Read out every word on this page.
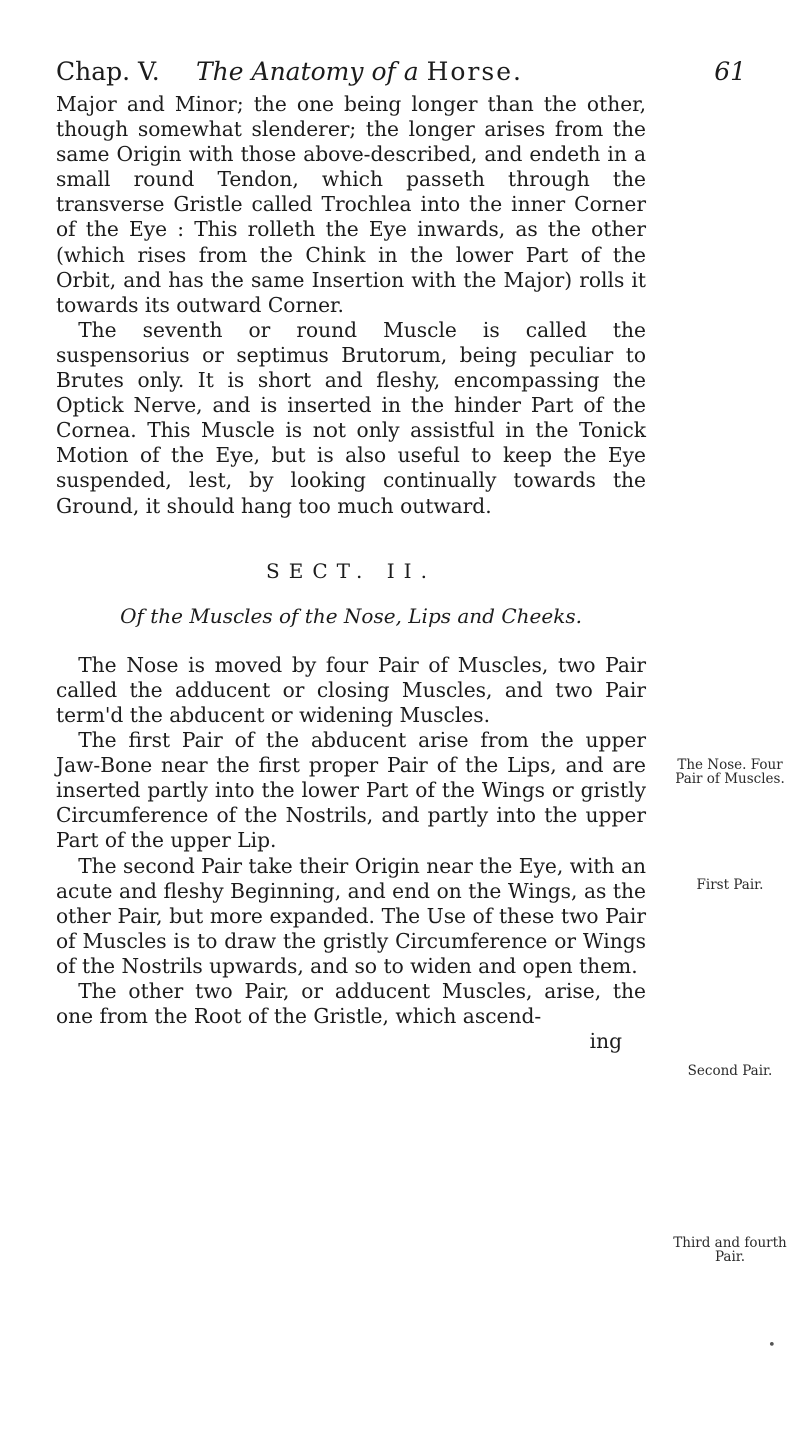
Chap. V. The Anatomy of a Horse.	61

Major and Minor; the one being longer than the other, though somewhat slenderer; the longer arises from the same Origin with those above-described, and endeth in a small round Tendon, which passeth through the transverse Gristle called Trochlea into the inner Corner of the Eye : This rolleth the Eye inwards, as the other (which rises from the Chink in the lower Part of the Orbit, and has the same Insertion with the Major) rolls it towards its outward Corner.

The seventh or round Muscle is called the suspensorius or septimus Brutorum, being peculiar to Brutes only. It is short and fleshy, encompassing the Optick Nerve, and is inserted in the hinder Part of the Cornea. This Muscle is not only assistful in the Tonick Motion of the Eye, but is also useful to keep the Eye suspended, lest, by looking continually towards the Ground, it should hang too much outward.

SECT. II.

Of the Muscles of the Nose, Lips and Cheeks.

The Nose is moved by four Pair of Muscles, two Pair called the adducent or closing Muscles, and two Pair term'd the abducent or widening Muscles.

The first Pair of the abducent arise from the upper Jaw-Bone near the first proper Pair of the Lips, and are inserted partly into the lower Part of the Wings or gristly Circumference of the Nostrils, and partly into the upper Part of the upper Lip.

The second Pair take their Origin near the Eye, with an acute and fleshy Beginning, and end on the Wings, as the other Pair, but more expanded. The Use of these two Pair of Muscles is to draw the gristly Circumference or Wings of the Nostrils upwards, and so to widen and open them.

The other two Pair, or adducent Muscles, arise, the one from the Root of the Gristle, which ascend-

ing

The Nose. Four Pair of Muscles.
First Pair.
Second Pair.
Third and fourth Pair.
•
